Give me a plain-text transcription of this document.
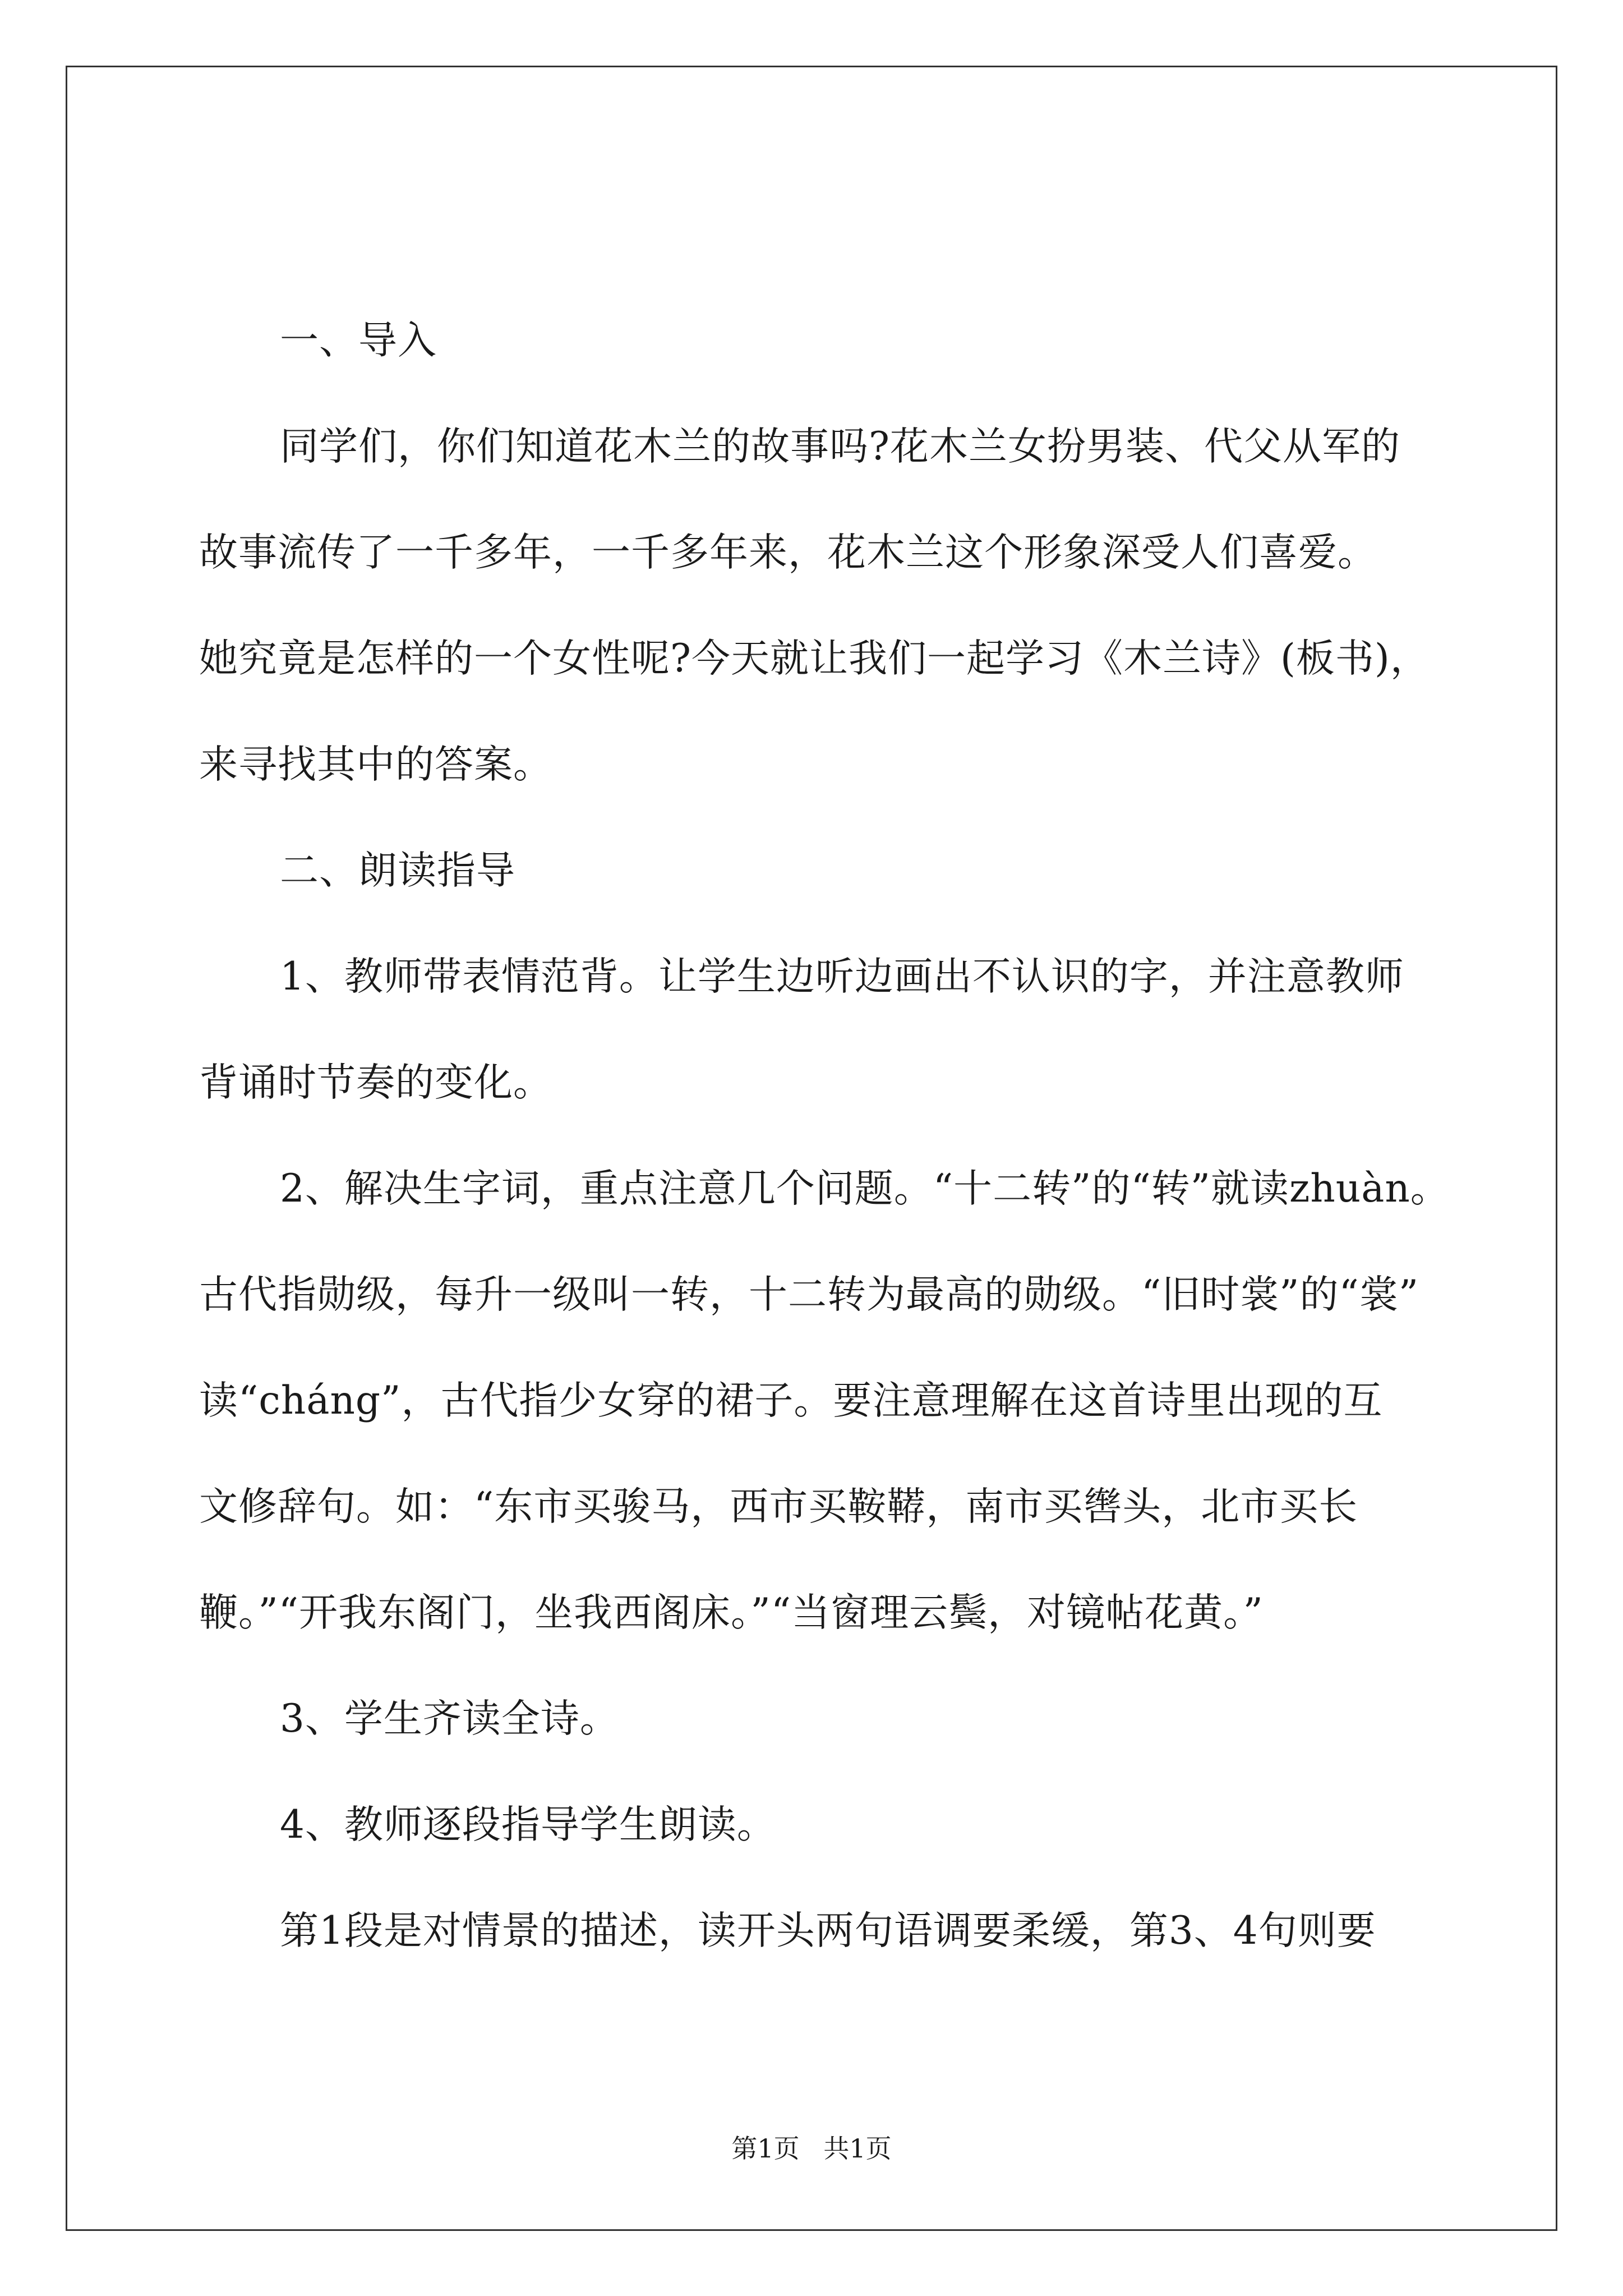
一、导入
同学们，你们知道花木兰的故事吗?花木兰女扮男装、代父从军的
故事流传了一千多年，一千多年来，花木兰这个形象深受人们喜爱。
她究竟是怎样的一个女性呢?今天就让我们一起学习《木兰诗》(板书)，
来寻找其中的答案。
二、朗读指导
1、教师带表情范背。让学生边听边画出不认识的字，并注意教师
背诵时节奏的变化。
2、解决生字词，重点注意几个问题。“十二转”的“转”就读zhuàn。
古代指勋级，每升一级叫一转，十二转为最高的勋级。“旧时裳”的“裳”
读“cháng”，古代指少女穿的裙子。要注意理解在这首诗里出现的互
文修辞句。如：“东市买骏马，西市买鞍鞯，南市买辔头，北市买长
鞭。”“开我东阁门，坐我西阁床。”“当窗理云鬓，对镜帖花黄。”
3、学生齐读全诗。
4、教师逐段指导学生朗读。
第1段是对情景的描述，读开头两句语调要柔缓，第3、4句则要
第1页 共1页
